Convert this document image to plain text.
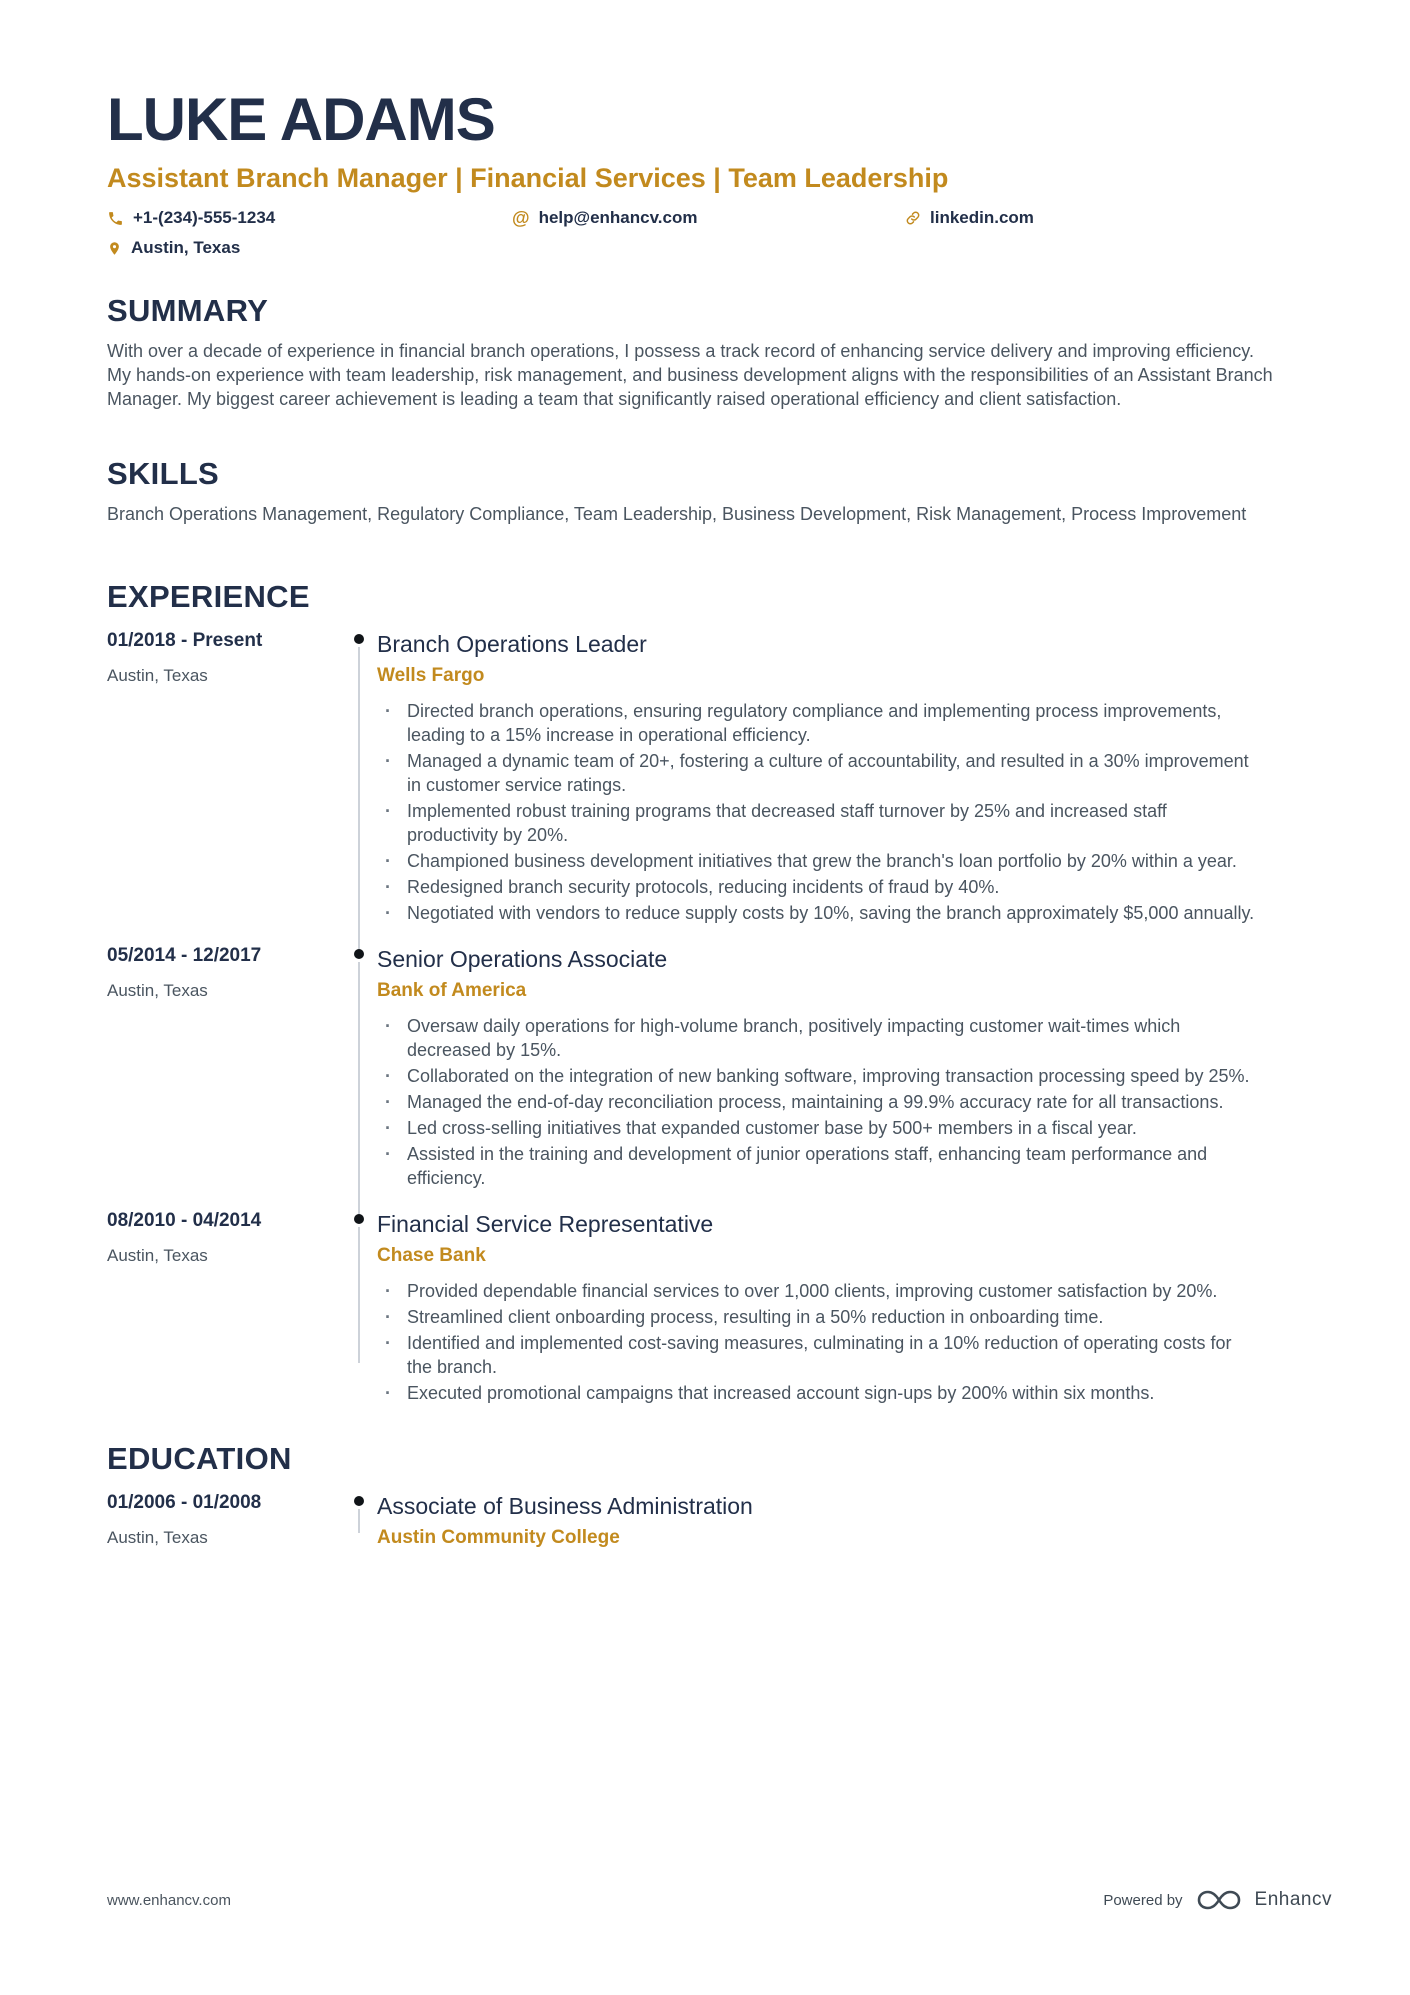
LUKE ADAMS
Assistant Branch Manager | Financial Services | Team Leadership
+1-(234)-555-1234	@ help@enhancv.com	linkedin.com
Austin, Texas
SUMMARY

With over a decade of experience in financial branch operations, I possess a track record of enhancing service delivery and improving efficiency. My hands-on experience with team leadership, risk management, and business development aligns with the responsibilities of an Assistant Branch Manager. My biggest career achievement is leading a team that significantly raised operational efficiency and client satisfaction.

SKILLS

Branch Operations Management, Regulatory Compliance, Team Leadership, Business Development, Risk Management, Process Improvement

EXPERIENCE
01/2018 - Present
Austin, Texas
Branch Operations Leader
Wells Fargo
· Directed branch operations, ensuring regulatory compliance and implementing process improvements, leading to a 15% increase in operational efficiency.
· Managed a dynamic team of 20+, fostering a culture of accountability, and resulted in a 30% improvement in customer service ratings.
· Implemented robust training programs that decreased staff turnover by 25% and increased staff productivity by 20%.
· Championed business development initiatives that grew the branch's loan portfolio by 20% within a year.
· Redesigned branch security protocols, reducing incidents of fraud by 40%.
· Negotiated with vendors to reduce supply costs by 10%, saving the branch approximately $5,000 annually.
05/2014 - 12/2017
Austin, Texas
Senior Operations Associate
Bank of America
· Oversaw daily operations for high-volume branch, positively impacting customer wait-times which decreased by 15%.
· Collaborated on the integration of new banking software, improving transaction processing speed by 25%.
· Managed the end-of-day reconciliation process, maintaining a 99.9% accuracy rate for all transactions.
· Led cross-selling initiatives that expanded customer base by 500+ members in a fiscal year.
· Assisted in the training and development of junior operations staff, enhancing team performance and efficiency.
08/2010 - 04/2014
Austin, Texas
Financial Service Representative
Chase Bank
· Provided dependable financial services to over 1,000 clients, improving customer satisfaction by 20%.
· Streamlined client onboarding process, resulting in a 50% reduction in onboarding time.
· Identified and implemented cost-saving measures, culminating in a 10% reduction of operating costs for the branch.
· Executed promotional campaigns that increased account sign-ups by 200% within six months.
EDUCATION
01/2006 - 01/2008
Austin, Texas
Associate of Business Administration
Austin Community College
www.enhancv.com	Powered by	Enhancv
